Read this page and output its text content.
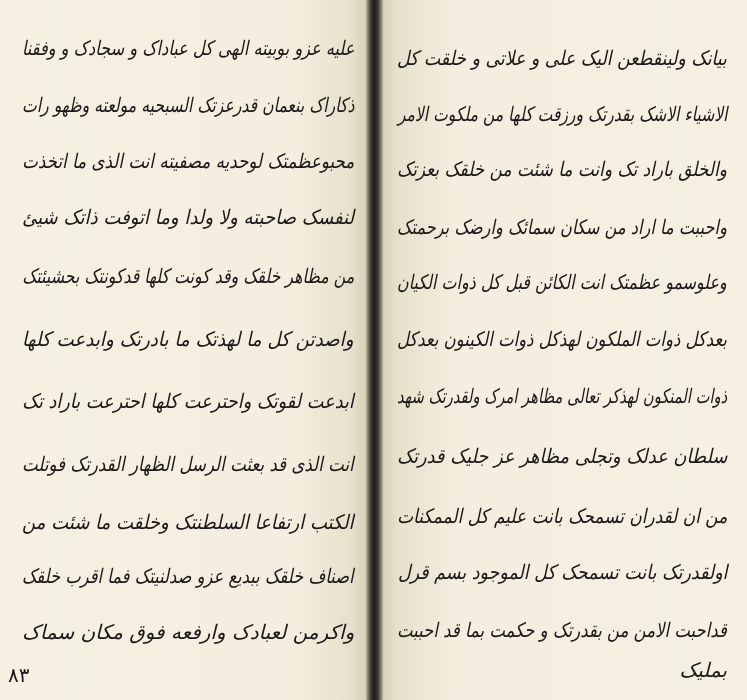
علیه عزو بوبیته الهی کل عباداک و سجادک و وفقنا
ذکاراک بنعمان قدرعزتک السبحیه مولعته وظهو رات
محبوعظمتک لوحدیه مصفیته انت الذی ما اتخذت
لنفسک صاحبته ولا ولدا وما اتوفت ذاتک شیئ
من مظاهر خلقک وقد کونت کلها قدکونتک بحشیئتک
واصدتن کل ما لهذتک ما بادرتک وابدعت کلها
ابدعت لقوتک واحترعت کلها احترعت باراد تک
انت الذی قد بعثت الرسل الظهار القدرتک فوتلت
الکتب ارتفاعا السلطنتک وخلقت ما شئت من
اصناف خلقک ببدیع عزو صدلنیتک فما اقرب خلقک
واکرمن لعبادک وارفعه فوق مکان سماک
٨٣
بیانک ولینقطعن الیک علی و علاتی و خلقت کل
الاشیاء الاشک بقدرتک ورزقت کلها من ملکوت الامر
والخلق باراد تک وانت ما شئت من خلقک بعزتک
واحببت ما اراد من سکان سمائک وارضک برحمتک
وعلوسمو عظمتک انت الکائن قبل کل ذوات الکیان
بعدکل ذوات الملکون لهذکل ذوات الکینون بعدکل
ذوات المنکون لهذکر تعالی مظاهر امرک ولقدرتک شهد
سلطان عدلک وتجلی مظاهر عز جلیک قدرتک
من ان لقدران تسمحک بانت علیم کل الممکنات
اولقدرتک بانت تسمحک کل الموجود بسم قرل
قداحبت الامن من بقدرتک و حکمت بما قد احببت
بملیک
